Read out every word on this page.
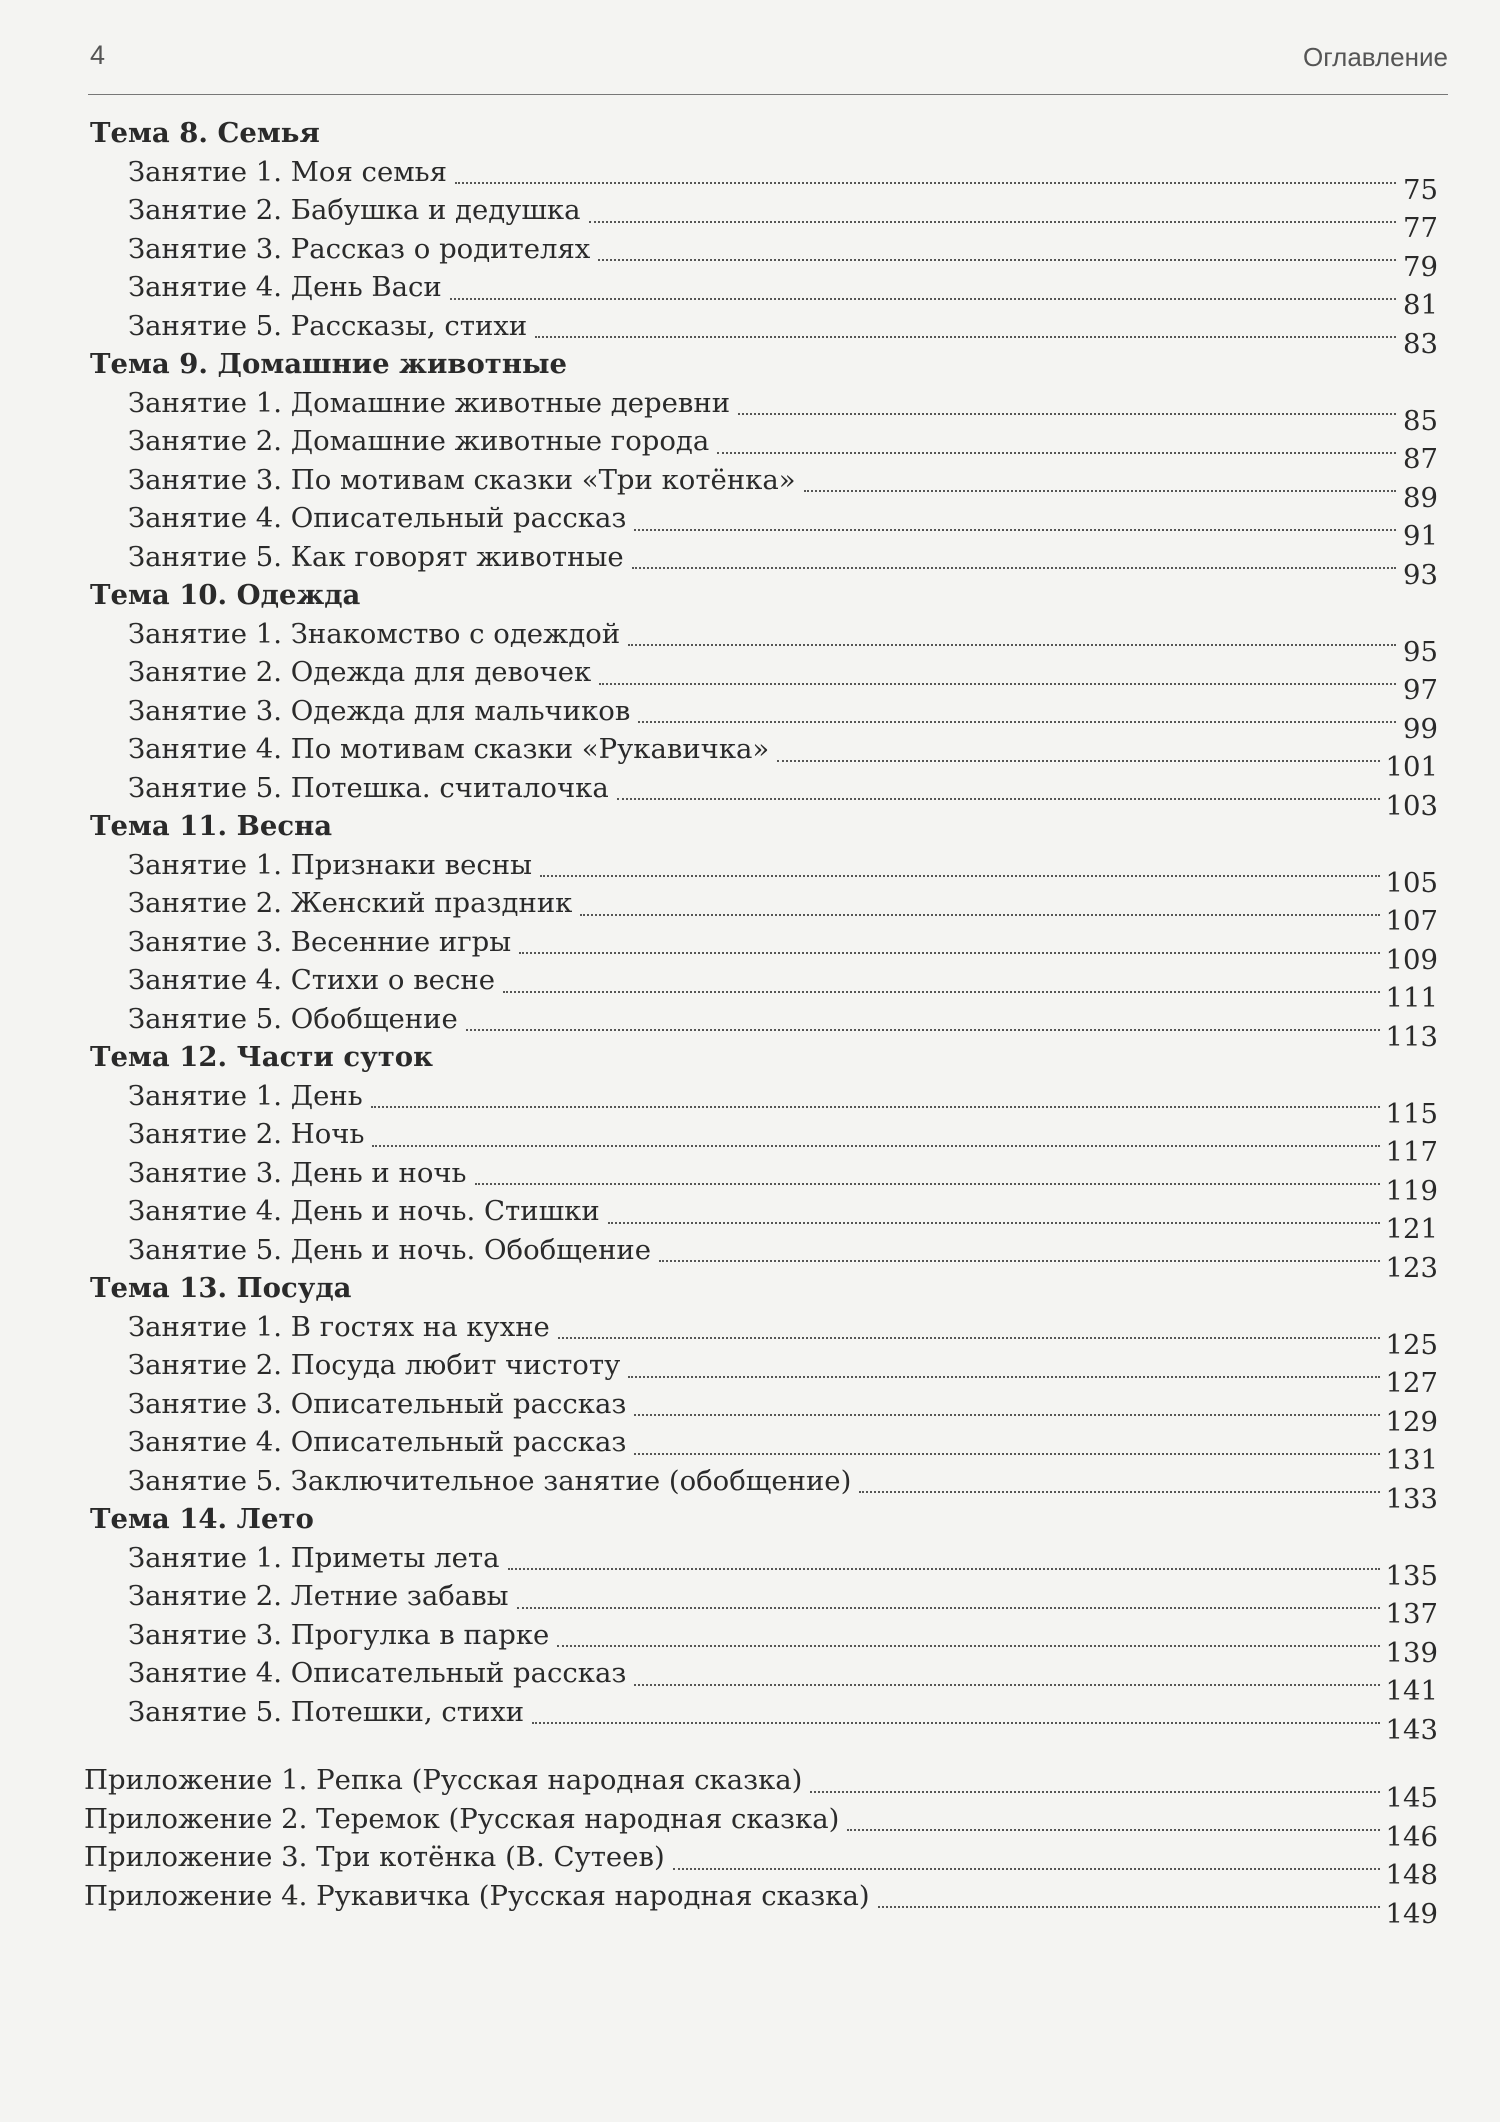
4	Оглавление

Тема 8. Семья
Занятие 1. Моя семья
75
Занятие 2. Бабушка и дедушка
77
Занятие 3. Рассказ о родителях
79
Занятие 4. День Васи
81
Занятие 5. Рассказы, стихи
83
Тема 9. Домашние животные
Занятие 1. Домашние животные деревни
85
Занятие 2. Домашние животные города
87
Занятие 3. По мотивам сказки «Три котёнка»
89
Занятие 4. Описательный рассказ
91
Занятие 5. Как говорят животные
93
Тема 10. Одежда
Занятие 1. Знакомство с одеждой
95
Занятие 2. Одежда для девочек
97
Занятие 3. Одежда для мальчиков
99
Занятие 4. По мотивам сказки «Рукавичка»
101
Занятие 5. Потешка. считалочка
103
Тема 11. Весна
Занятие 1. Признаки весны
105
Занятие 2. Женский праздник
107
Занятие 3. Весенние игры
109
Занятие 4. Стихи о весне
111
Занятие 5. Обобщение
113
Тема 12. Части суток
Занятие 1. День
115
Занятие 2. Ночь
117
Занятие 3. День и ночь
119
Занятие 4. День и ночь. Стишки
121
Занятие 5. День и ночь. Обобщение
123
Тема 13. Посуда
Занятие 1. В гостях на кухне
125
Занятие 2. Посуда любит чистоту
127
Занятие 3. Описательный рассказ
129
Занятие 4. Описательный рассказ
131
Занятие 5. Заключительное занятие (обобщение)
133
Тема 14. Лето
Занятие 1. Приметы лета
135
Занятие 2. Летние забавы
137
Занятие 3. Прогулка в парке
139
Занятие 4. Описательный рассказ
141
Занятие 5. Потешки, стихи
143
Приложение 1. Репка (Русская народная сказка)
145
Приложение 2. Теремок (Русская народная сказка)
146
Приложение 3. Три котёнка (В. Сутеев)
148
Приложение 4. Рукавичка (Русская народная сказка)
149
